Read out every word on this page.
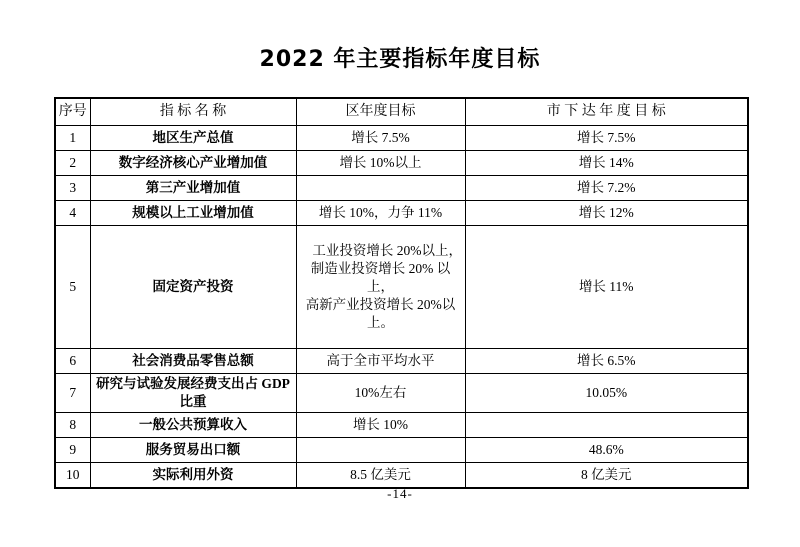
2022 年主要指标年度目标
序号	指 标 名 称	区年度目标	市 下 达 年 度 目 标
1	地区生产总值	增长 7.5%	增长 7.5%
2	数字经济核心产业增加值	增长 10%以上	增长 14%
3	第三产业增加值		增长 7.2%
4	规模以上工业增加值	增长 10%，力争 11%	增长 12%
5	固定资产投资	　工业投资增长 20%以上，
制造业投资增长 20% 以上，
高新产业投资增长 20%以上。	增长 11%
6	社会消费品零售总额	高于全市平均水平	增长 6.5%
7	研究与试验发展经费支出占 GDP 比重	10%左右	10.05%
8	一般公共预算收入	增长 10%	
9	服务贸易出口额		48.6%
10	实际利用外资	8.5 亿美元	8 亿美元
-14-
